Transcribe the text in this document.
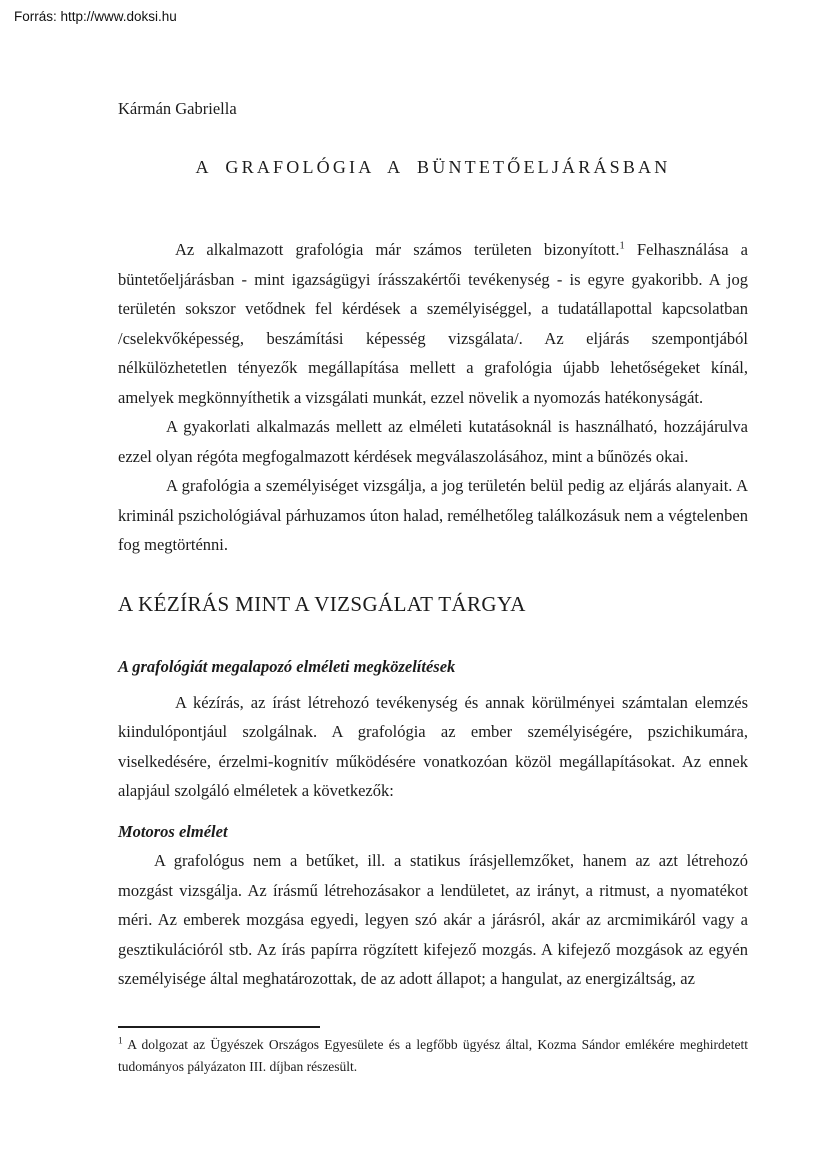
Forrás: http://www.doksi.hu

Kármán Gabriella

A GRAFOLÓGIA A BÜNTETŐELJÁRÁSBAN

Az alkalmazott grafológia már számos területen bizonyított.$^1$ Felhasználása a büntetőeljárásban - mint igazságügyi írásszakértői tevékenység - is egyre gyakoribb. A jog területén sokszor vetődnek fel kérdések a személyiséggel, a tudatállapottal kapcsolatban /cselekvőképesség, beszámítási képesség vizsgálata/. Az eljárás szempontjából nélkülözhetetlen tényezők megállapítása mellett a grafológia újabb lehetőségeket kínál, amelyek megkönnyíthetik a vizsgálati munkát, ezzel növelik a nyomozás hatékonyságát.

A gyakorlati alkalmazás mellett az elméleti kutatásoknál is használható, hozzájárulva ezzel olyan régóta megfogalmazott kérdések megválaszolásához, mint a bűnözés okai.

A grafológia a személyiséget vizsgálja, a jog területén belül pedig az eljárás alanyait. A kriminál pszichológiával párhuzamos úton halad, remélhetőleg találkozásuk nem a végtelenben fog megtörténni.

A KÉZÍRÁS MINT A VIZSGÁLAT TÁRGYA
A grafológiát megalapozó elméleti megközelítések

A kézírás, az írást létrehozó tevékenység és annak körülményei számtalan elemzés kiindulópontjául szolgálnak. A grafológia az ember személyiségére, pszichikumára, viselkedésére, érzelmi-kognitív működésére vonatkozóan közöl megállapításokat. Az ennek alapjául szolgáló elméletek a következők:

Motoros elmélet

A grafológus nem a betűket, ill. a statikus írásjellemzőket, hanem az azt létrehozó mozgást vizsgálja. Az írásmű létrehozásakor a lendületet, az irányt, a ritmust, a nyomatékot méri. Az emberek mozgása egyedi, legyen szó akár a járásról, akár az arcmimikáról vagy a gesztikulációról stb. Az írás papírra rögzített kifejező mozgás. A kifejező mozgások az egyén személyisége által meghatározottak, de az adott állapot; a hangulat, az energizáltság, az

$^1$ A dolgozat az Ügyészek Országos Egyesülete és a legfőbb ügyész által, Kozma Sándor emlékére meghirdetett tudományos pályázaton III. díjban részesült.
